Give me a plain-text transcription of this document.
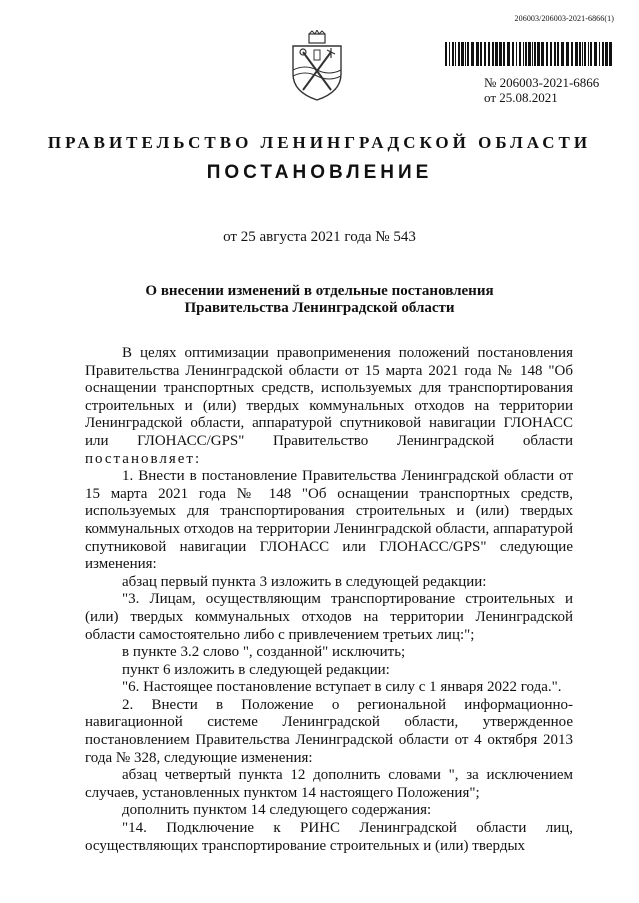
206003/206003-2021-6866(1)
№ 206003-2021-6866
от 25.08.2021
ПРАВИТЕЛЬСТВО ЛЕНИНГРАДСКОЙ ОБЛАСТИ
ПОСТАНОВЛЕНИЕ
от 25 августа 2021 года № 543
О внесении изменений в отдельные постановления
Правительства Ленинградской области

В целях оптимизации правоприменения положений постановления Правительства Ленинградской области от 15 марта 2021 года № 148 "Об оснащении транспортных средств, используемых для транспортирования строительных и (или) твердых коммунальных отходов на территории Ленинградской области, аппаратурой спутниковой навигации ГЛОНАСС или ГЛОНАСС/GPS" Правительство Ленинградской области постановляет:

1. Внести в постановление Правительства Ленинградской области от 15 марта 2021 года № 148 "Об оснащении транспортных средств, используемых для транспортирования строительных и (или) твердых коммунальных отходов на территории Ленинградской области, аппаратурой спутниковой навигации ГЛОНАСС или ГЛОНАСС/GPS" следующие изменения:

абзац первый пункта 3 изложить в следующей редакции:

"3. Лицам, осуществляющим транспортирование строительных и (или) твердых коммунальных отходов на территории Ленинградской области самостоятельно либо с привлечением третьих лиц:";

в пункте 3.2 слово ", созданной" исключить;

пункт 6 изложить в следующей редакции:

"6. Настоящее постановление вступает в силу с 1 января 2022 года.".

2. Внести в Положение о региональной информационно-навигационной системе Ленинградской области, утвержденное постановлением Правительства Ленинградской области от 4 октября 2013 года № 328, следующие изменения:

абзац четвертый пункта 12 дополнить словами ", за исключением случаев, установленных пунктом 14 настоящего Положения";

дополнить пунктом 14 следующего содержания:

"14. Подключение к РИНС Ленинградской области лиц, осуществляющих транспортирование строительных и (или) твердых
